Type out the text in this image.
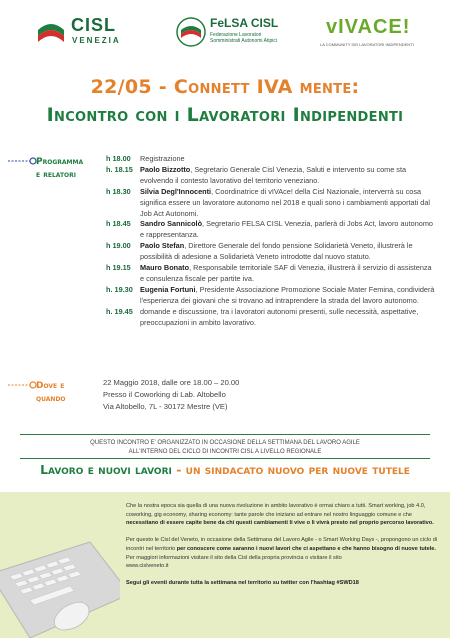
CISL
VENEZIA
FeLSA CISL
Federazione Lavoratori Somministrati Autonomi Atipici
vIVACE!
LA COMMUNITY DEI LAVORATORI INDIPENDENTI
22/05 - Connett IVA mente:
Incontro con i Lavoratori Indipendenti
Programma
e relatori
h 18.00	Registrazione
h. 18.15 Paolo Bizzotto, Segretario Generale Cisl Venezia, Saluti e intervento su come sta evolvendo il contesto lavorativo del territorio veneziano.
h 18.30	Silvia Degl'Innocenti, Coordinatrice di vIVAce! della Cisl Nazionale, interverrà su cosa significa essere un lavoratore autonomo nel 2018 e quali sono i cambiamenti apportati dal Job Act Autonomi.
h 18.45	Sandro Sannicolò, Segretario FELSA CISL Venezia, parlerà di Jobs Act, lavoro autonomo e rappresentanza.
h 19.00	Paolo Stefan, Direttore Generale del fondo pensione Solidarietà Veneto, illustrerà le possibilità di adesione a Solidarietà Veneto introdotte dal nuovo statuto.
h 19.15	Mauro Bonato, Responsabile territoriale SAF di Venezia, illustrerà il servizio di assistenza e consulenza fiscale per partite iva.
h. 19.30 Eugenia Fortuni, Presidente Associazione Promozione Sociale Mater Femina, condividerà l'esperienza dei giovani che si trovano ad intraprendere la strada del lavoro autonomo.
h. 19.45 domande e discussione, tra i lavoratori autonomi presenti, sulle necessità, aspettative, preoccupazioni in ambito lavorativo.
Dove e
quando
22 Maggio 2018, dalle ore 18.00 – 20.00
Presso il Coworking di Lab. Altobello
Via Altobello, 7L - 30172 Mestre (VE)
QUESTO INCONTRO E' ORGANIZZATO IN OCCASIONE DELLA SETTIMANA DEL LAVORO AGILE
ALL'INTERNO DEL CICLO DI INCONTRI CISL A LIVELLO REGIONALE
Lavoro e nuovi lavori - un sindacato nuovo per nuove tutele

Che la nostra epoca sia quella di una nuova rivoluzione in ambito lavorativo è ormai chiaro a tutti. Smart working, job 4.0, coworking, gig economy, sharing economy: tante parole che iniziano ad entrare nel nostro linguaggio comune e che necessitano di essere capite bene da chi questi cambiamenti li vive o li vivrà presto nel proprio percorso lavorativo.

Per questo le Cisl del Veneto, in occasione della Settimana del Lavoro Agile - o Smart Working Days -, propongono un ciclo di incontri nel territorio per conoscere come saranno i nuovi lavori che ci aspettano e che hanno bisogno di nuove tutele.
Per maggiori informazioni visitare il sito della Cisl della propria provincia o visitare il sito
www.cislveneto.it

Segui gli eventi durante tutta la settimana nel territorio su twitter con l'hashtag #SWD18
